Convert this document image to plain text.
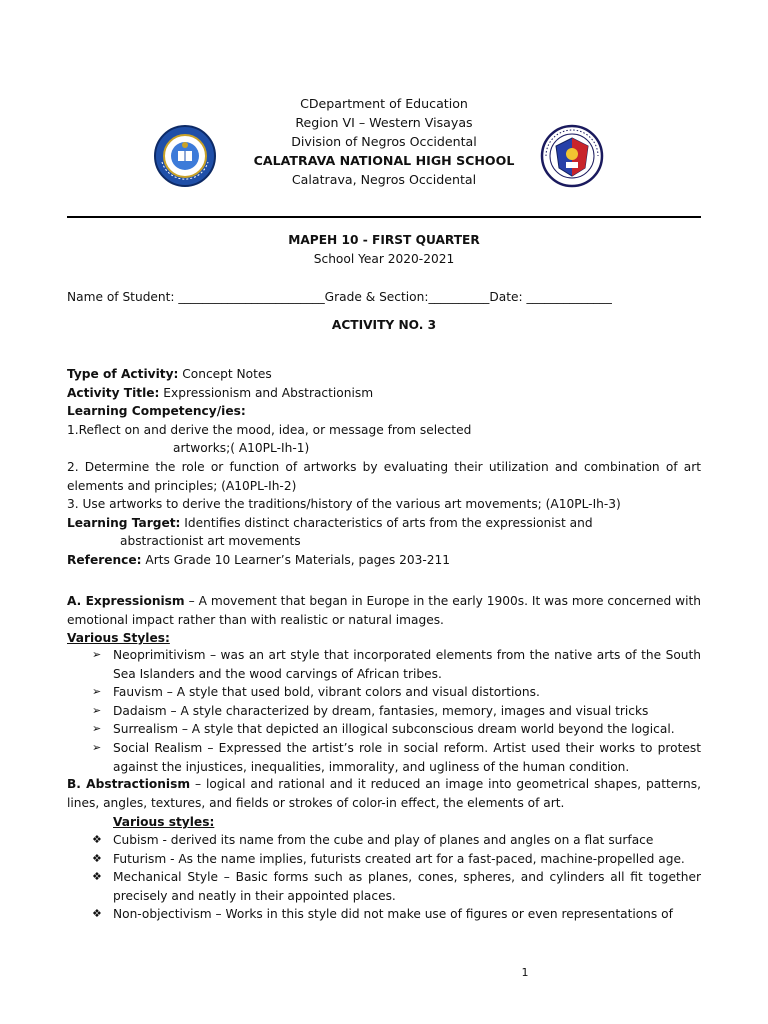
CDepartment of Education
Region VI – Western Visayas
Division of Negros Occidental
CALATRAVA NATIONAL HIGH SCHOOL
Calatrava, Negros Occidental
MAPEH 10 - FIRST QUARTER
School Year 2020-2021
Name of Student: ________________________Grade & Section:__________Date: ______________
ACTIVITY NO. 3
Type of Activity: Concept Notes
Activity Title: Expressionism and Abstractionism
Learning Competency/ies:
1.Reflect on and derive the mood, idea, or message from selected
artworks;( A10PL-Ih-1)
2. Determine the role or function of artworks by evaluating their utilization and combination of art elements and principles; (A10PL-Ih-2)
3. Use artworks to derive the traditions/history of the various art movements; (A10PL-Ih-3)
Learning Target: Identifies distinct characteristics of arts from the expressionist and
abstractionist art movements
Reference: Arts Grade 10 Learner’s Materials, pages 203-211
A. Expressionism – A movement that began in Europe in the early 1900s. It was more concerned with emotional impact rather than with realistic or natural images.
Various Styles:
➢ Neoprimitivism – was an art style that incorporated elements from the native arts of the South Sea Islanders and the wood carvings of African tribes.
➢ Fauvism – A style that used bold, vibrant colors and visual distortions.
➢ Dadaism – A style characterized by dream, fantasies, memory, images and visual tricks
➢ Surrealism – A style that depicted an illogical subconscious dream world beyond the logical.
➢ Social Realism – Expressed the artist’s role in social reform. Artist used their works to protest against the injustices, inequalities, immorality, and ugliness of the human condition.
B. Abstractionism – logical and rational and it reduced an image into geometrical shapes, patterns, lines, angles, textures, and fields or strokes of color-in effect, the elements of art.
Various styles:
❖ Cubism - derived its name from the cube and play of planes and angles on a flat surface
❖ Futurism - As the name implies, futurists created art for a fast-paced, machine-propelled age.
❖ Mechanical Style – Basic forms such as planes, cones, spheres, and cylinders all fit together precisely and neatly in their appointed places.
❖ Non-objectivism – Works in this style did not make use of figures or even representations of
1
